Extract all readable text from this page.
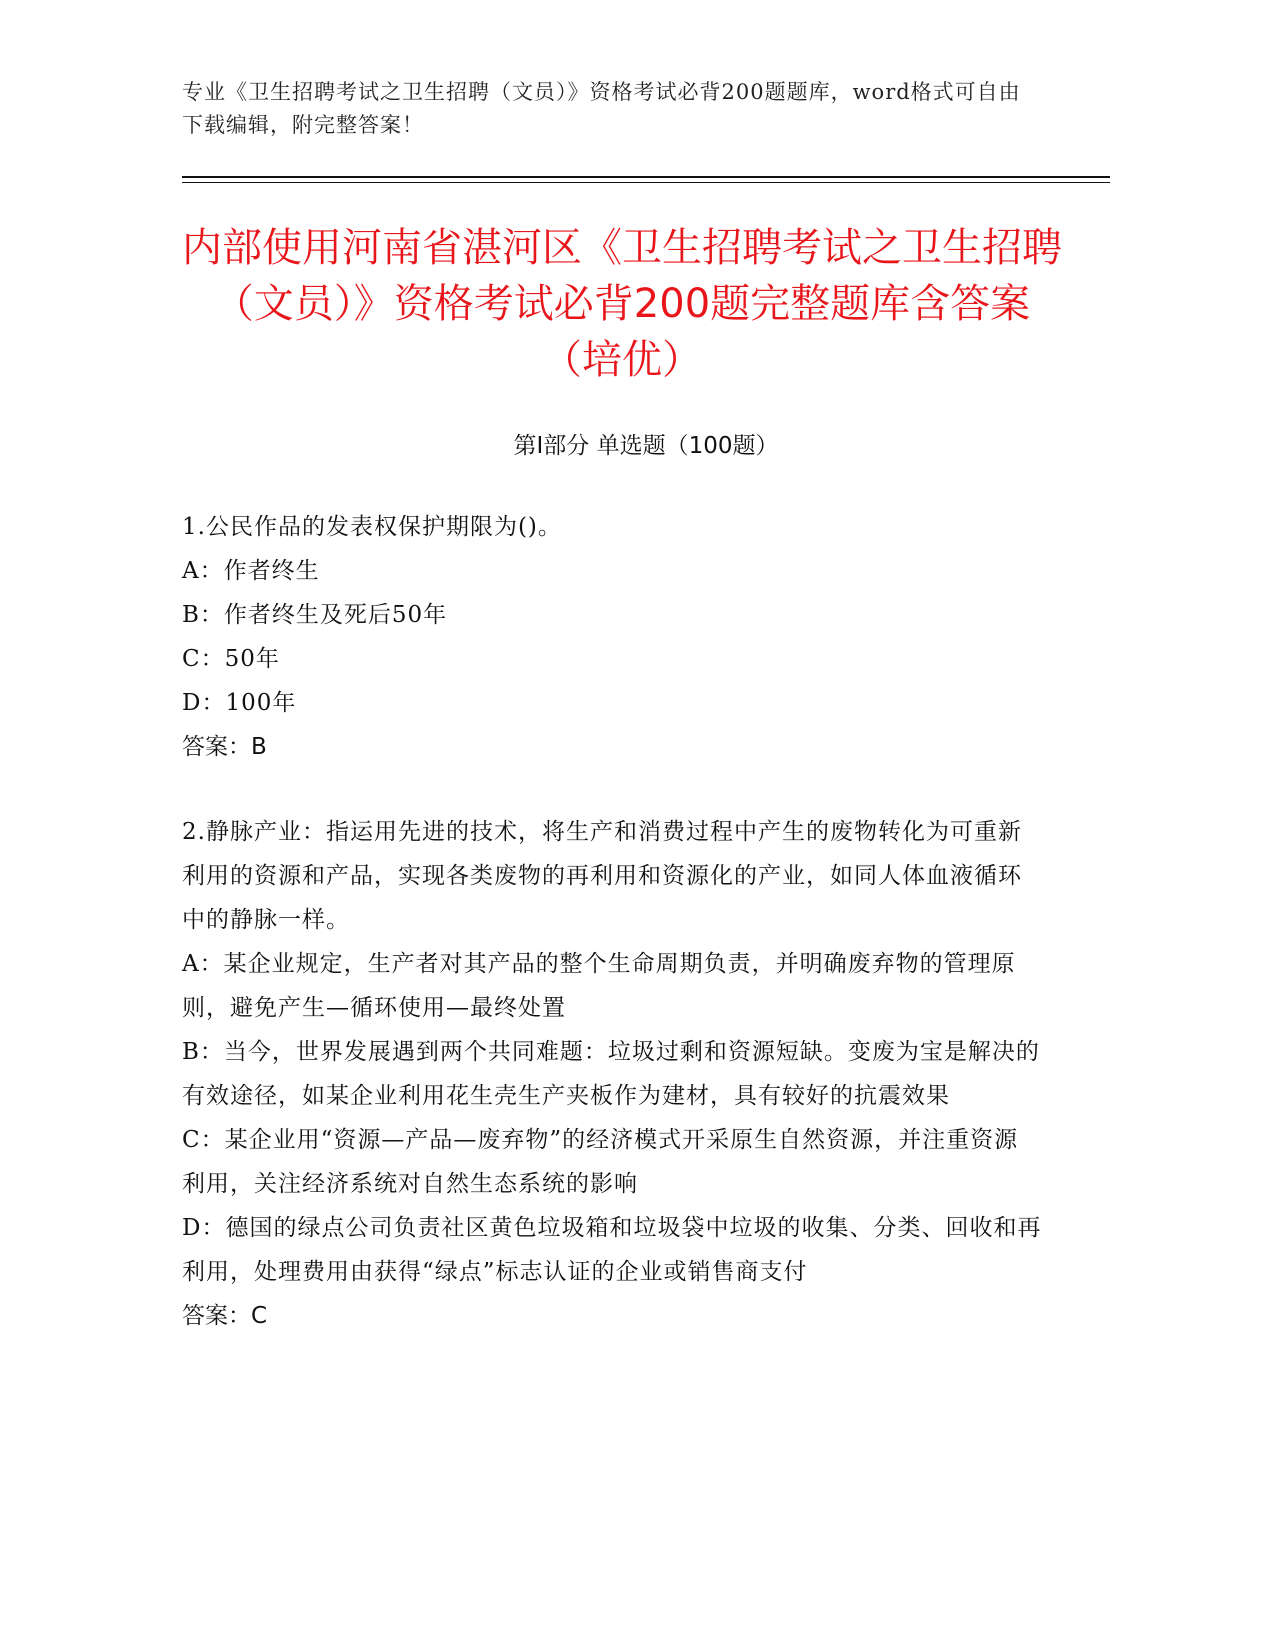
专业《卫生招聘考试之卫生招聘（文员）》资格考试必背200题题库，word格式可自由下载编辑，附完整答案！
内部使用河南省湛河区《卫生招聘考试之卫生招聘（文员）》资格考试必背200题完整题库含答案（培优）
第I部分 单选题（100题）
1.公民作品的发表权保护期限为()。
A：作者终生
B：作者终生及死后50年
C：50年
D：100年
答案：B
2.静脉产业：指运用先进的技术，将生产和消费过程中产生的废物转化为可重新利用的资源和产品，实现各类废物的再利用和资源化的产业，如同人体血液循环中的静脉一样。
A：某企业规定，生产者对其产品的整个生命周期负责，并明确废弃物的管理原则，避免产生—循环使用—最终处置
B：当今，世界发展遇到两个共同难题：垃圾过剩和资源短缺。变废为宝是解决的有效途径，如某企业利用花生壳生产夹板作为建材，具有较好的抗震效果
C：某企业用“资源—产品—废弃物”的经济模式开采原生自然资源，并注重资源利用，关注经济系统对自然生态系统的影响
D：德国的绿点公司负责社区黄色垃圾箱和垃圾袋中垃圾的收集、分类、回收和再利用，处理费用由获得“绿点”标志认证的企业或销售商支付
答案：C
